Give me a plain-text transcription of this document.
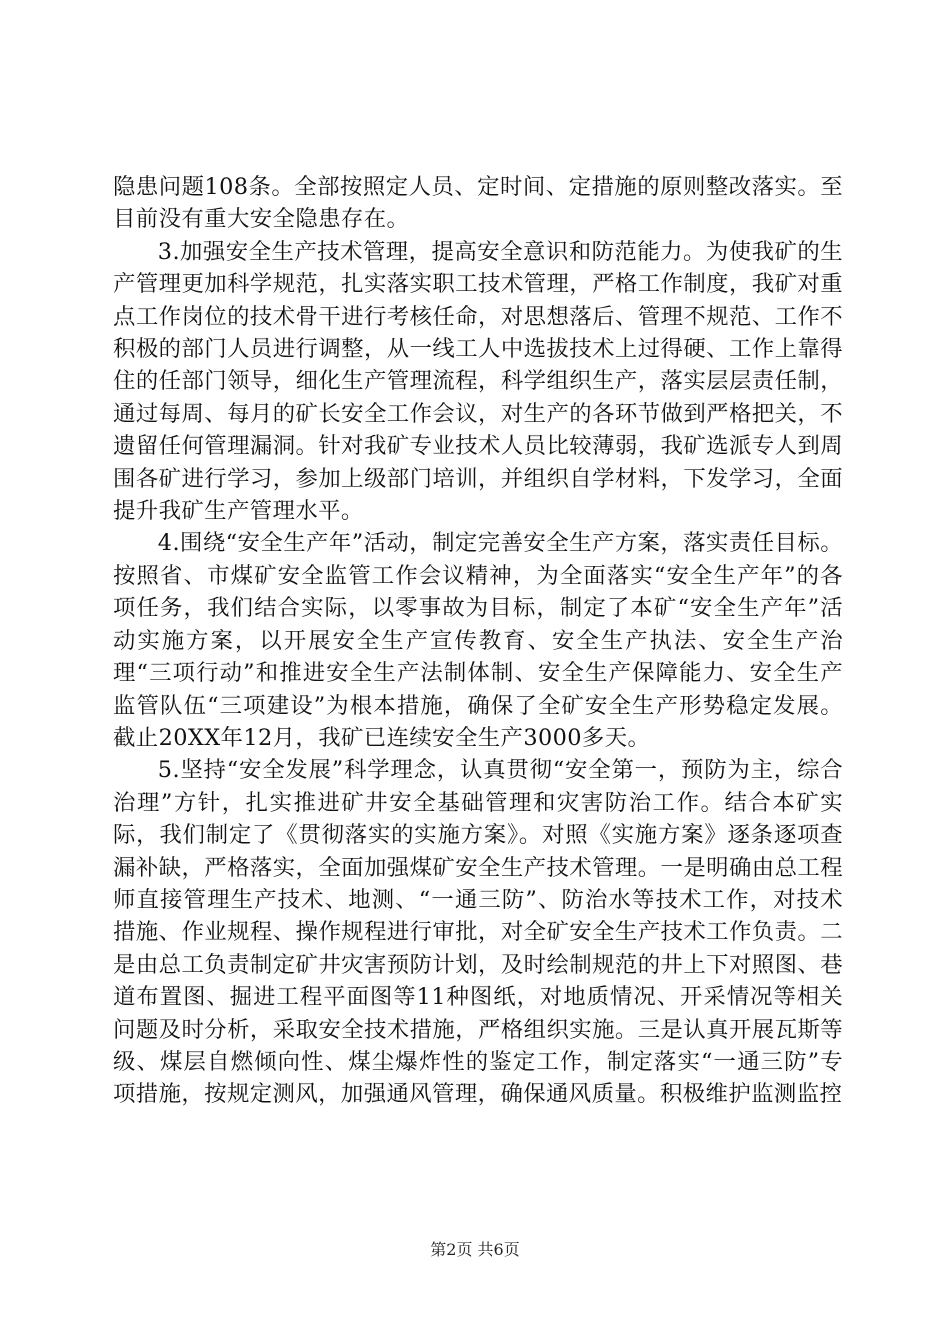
隐患问题108条。全部按照定人员、定时间、定措施的原则整改落实。至目前没有重大安全隐患存在。

3.加强安全生产技术管理，提高安全意识和防范能力。为使我矿的生产管理更加科学规范，扎实落实职工技术管理，严格工作制度，我矿对重点工作岗位的技术骨干进行考核任命，对思想落后、管理不规范、工作不积极的部门人员进行调整，从一线工人中选拔技术上过得硬、工作上靠得住的任部门领导，细化生产管理流程，科学组织生产，落实层层责任制，通过每周、每月的矿长安全工作会议，对生产的各环节做到严格把关，不遗留任何管理漏洞。针对我矿专业技术人员比较薄弱，我矿选派专人到周围各矿进行学习，参加上级部门培训，并组织自学材料，下发学习，全面提升我矿生产管理水平。

4.围绕“安全生产年”活动，制定完善安全生产方案，落实责任目标。按照省、市煤矿安全监管工作会议精神，为全面落实“安全生产年”的各项任务，我们结合实际，以零事故为目标，制定了本矿“安全生产年”活动实施方案，以开展安全生产宣传教育、安全生产执法、安全生产治理“三项行动”和推进安全生产法制体制、安全生产保障能力、安全生产监管队伍“三项建设”为根本措施，确保了全矿安全生产形势稳定发展。截止20XX年12月，我矿已连续安全生产3000多天。

5.坚持“安全发展”科学理念，认真贯彻“安全第一，预防为主，综合治理”方针，扎实推进矿井安全基础管理和灾害防治工作。结合本矿实际，我们制定了《贯彻落实的实施方案》。对照《实施方案》逐条逐项查漏补缺，严格落实，全面加强煤矿安全生产技术管理。一是明确由总工程师直接管理生产技术、地测、“一通三防”、防治水等技术工作，对技术措施、作业规程、操作规程进行审批，对全矿安全生产技术工作负责。二是由总工负责制定矿井灾害预防计划，及时绘制规范的井上下对照图、巷道布置图、掘进工程平面图等11种图纸，对地质情况、开采情况等相关问题及时分析，采取安全技术措施，严格组织实施。三是认真开展瓦斯等级、煤层自燃倾向性、煤尘爆炸性的鉴定工作，制定落实“一通三防”专项措施，按规定测风，加强通风管理，确保通风质量。积极维护监测监控

第2页 共6页
